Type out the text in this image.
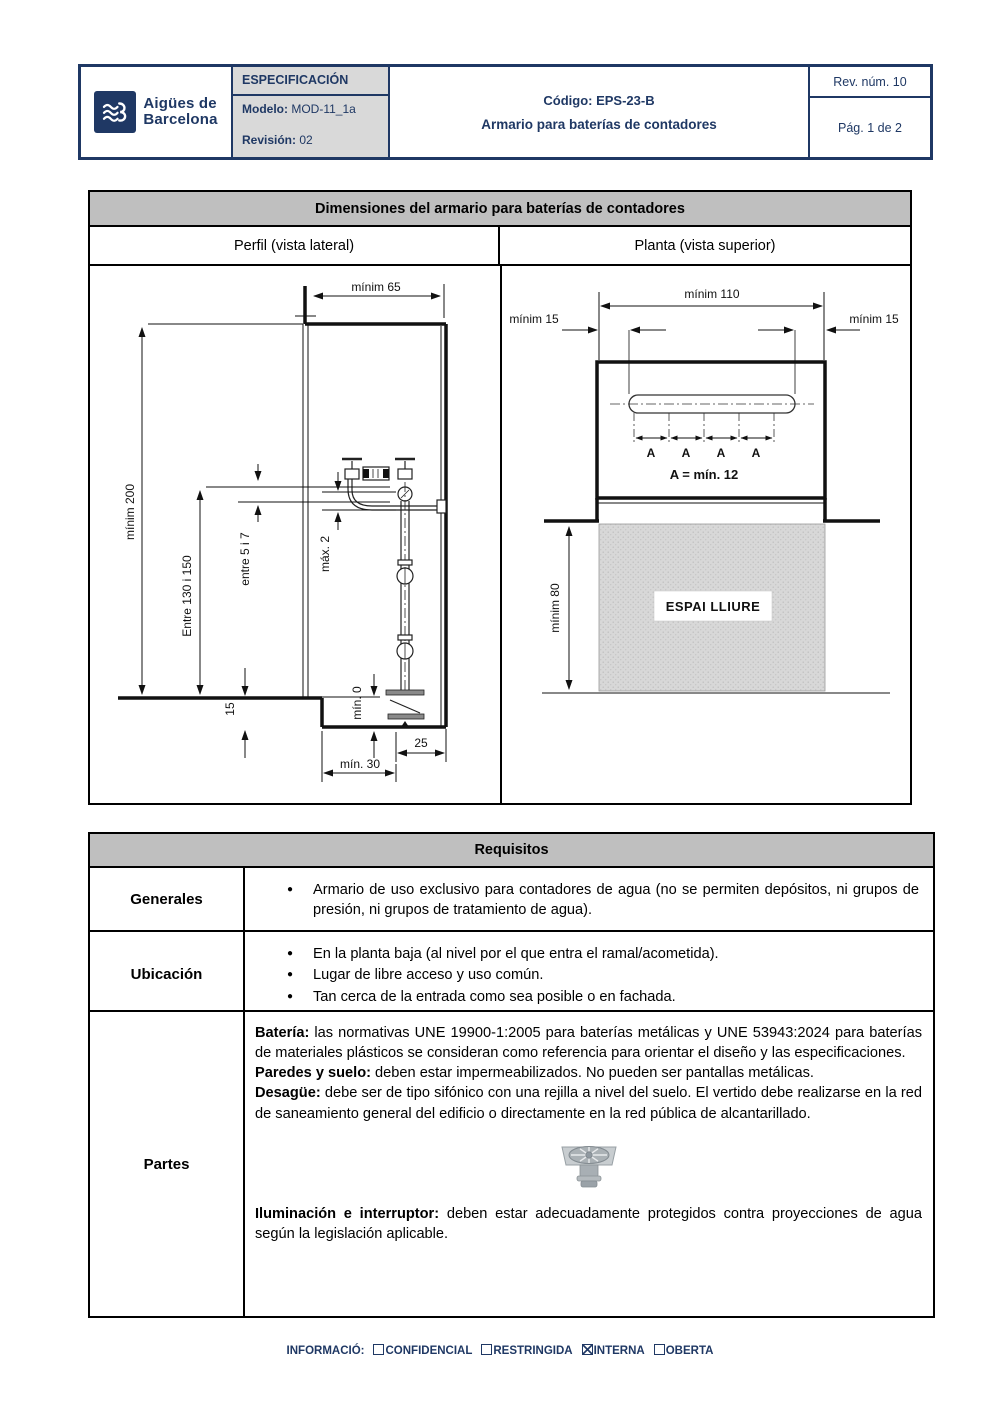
Aigües de
Barcelona
ESPECIFICACIÓN
Modelo: MOD-11_1a
Revisión: 02
Código: EPS-23-B
Armario para baterías de contadores
Rev. núm. 10
Pág. 1 de 2
Dimensiones del armario para baterías de contadores
Perfil (vista lateral)	Planta (vista superior)
mínim 65
mínim 200
Entre 130 i 150	entre 5 i 7	máx. 2
15	mín. 0
25
mín. 30
mínim 110
mínim 15	mínim 15
A A A A
A = mín. 12
mínim 80	ESPAI LLIURE
Requisitos
Generales
●	Armario de uso exclusivo para contadores de agua (no se permiten depósitos, ni grupos de presión, ni grupos de tratamiento de agua).
Ubicación
●	En la planta baja (al nivel por el que entra el ramal/acometida).
●	Lugar de libre acceso y uso común.
●	Tan cerca de la entrada como sea posible o en fachada.
Partes

Batería: las normativas UNE 19900-1:2005 para baterías metálicas y UNE 53943:2024 para baterías de materiales plásticos se consideran como referencia para orientar el diseño y las especificaciones.

Paredes y suelo: deben estar impermeabilizados. No pueden ser pantallas metálicas.

Desagüe: debe ser de tipo sifónico con una rejilla a nivel del suelo. El vertido debe realizarse en la red de saneamiento general del edificio o directamente en la red pública de alcantarillado.

Iluminación e interruptor: deben estar adecuadamente protegidos contra proyecciones de agua según la legislación aplicable.

INFORMACIÓ: CONFIDENCIAL RESTRINGIDA INTERNA OBERTA
